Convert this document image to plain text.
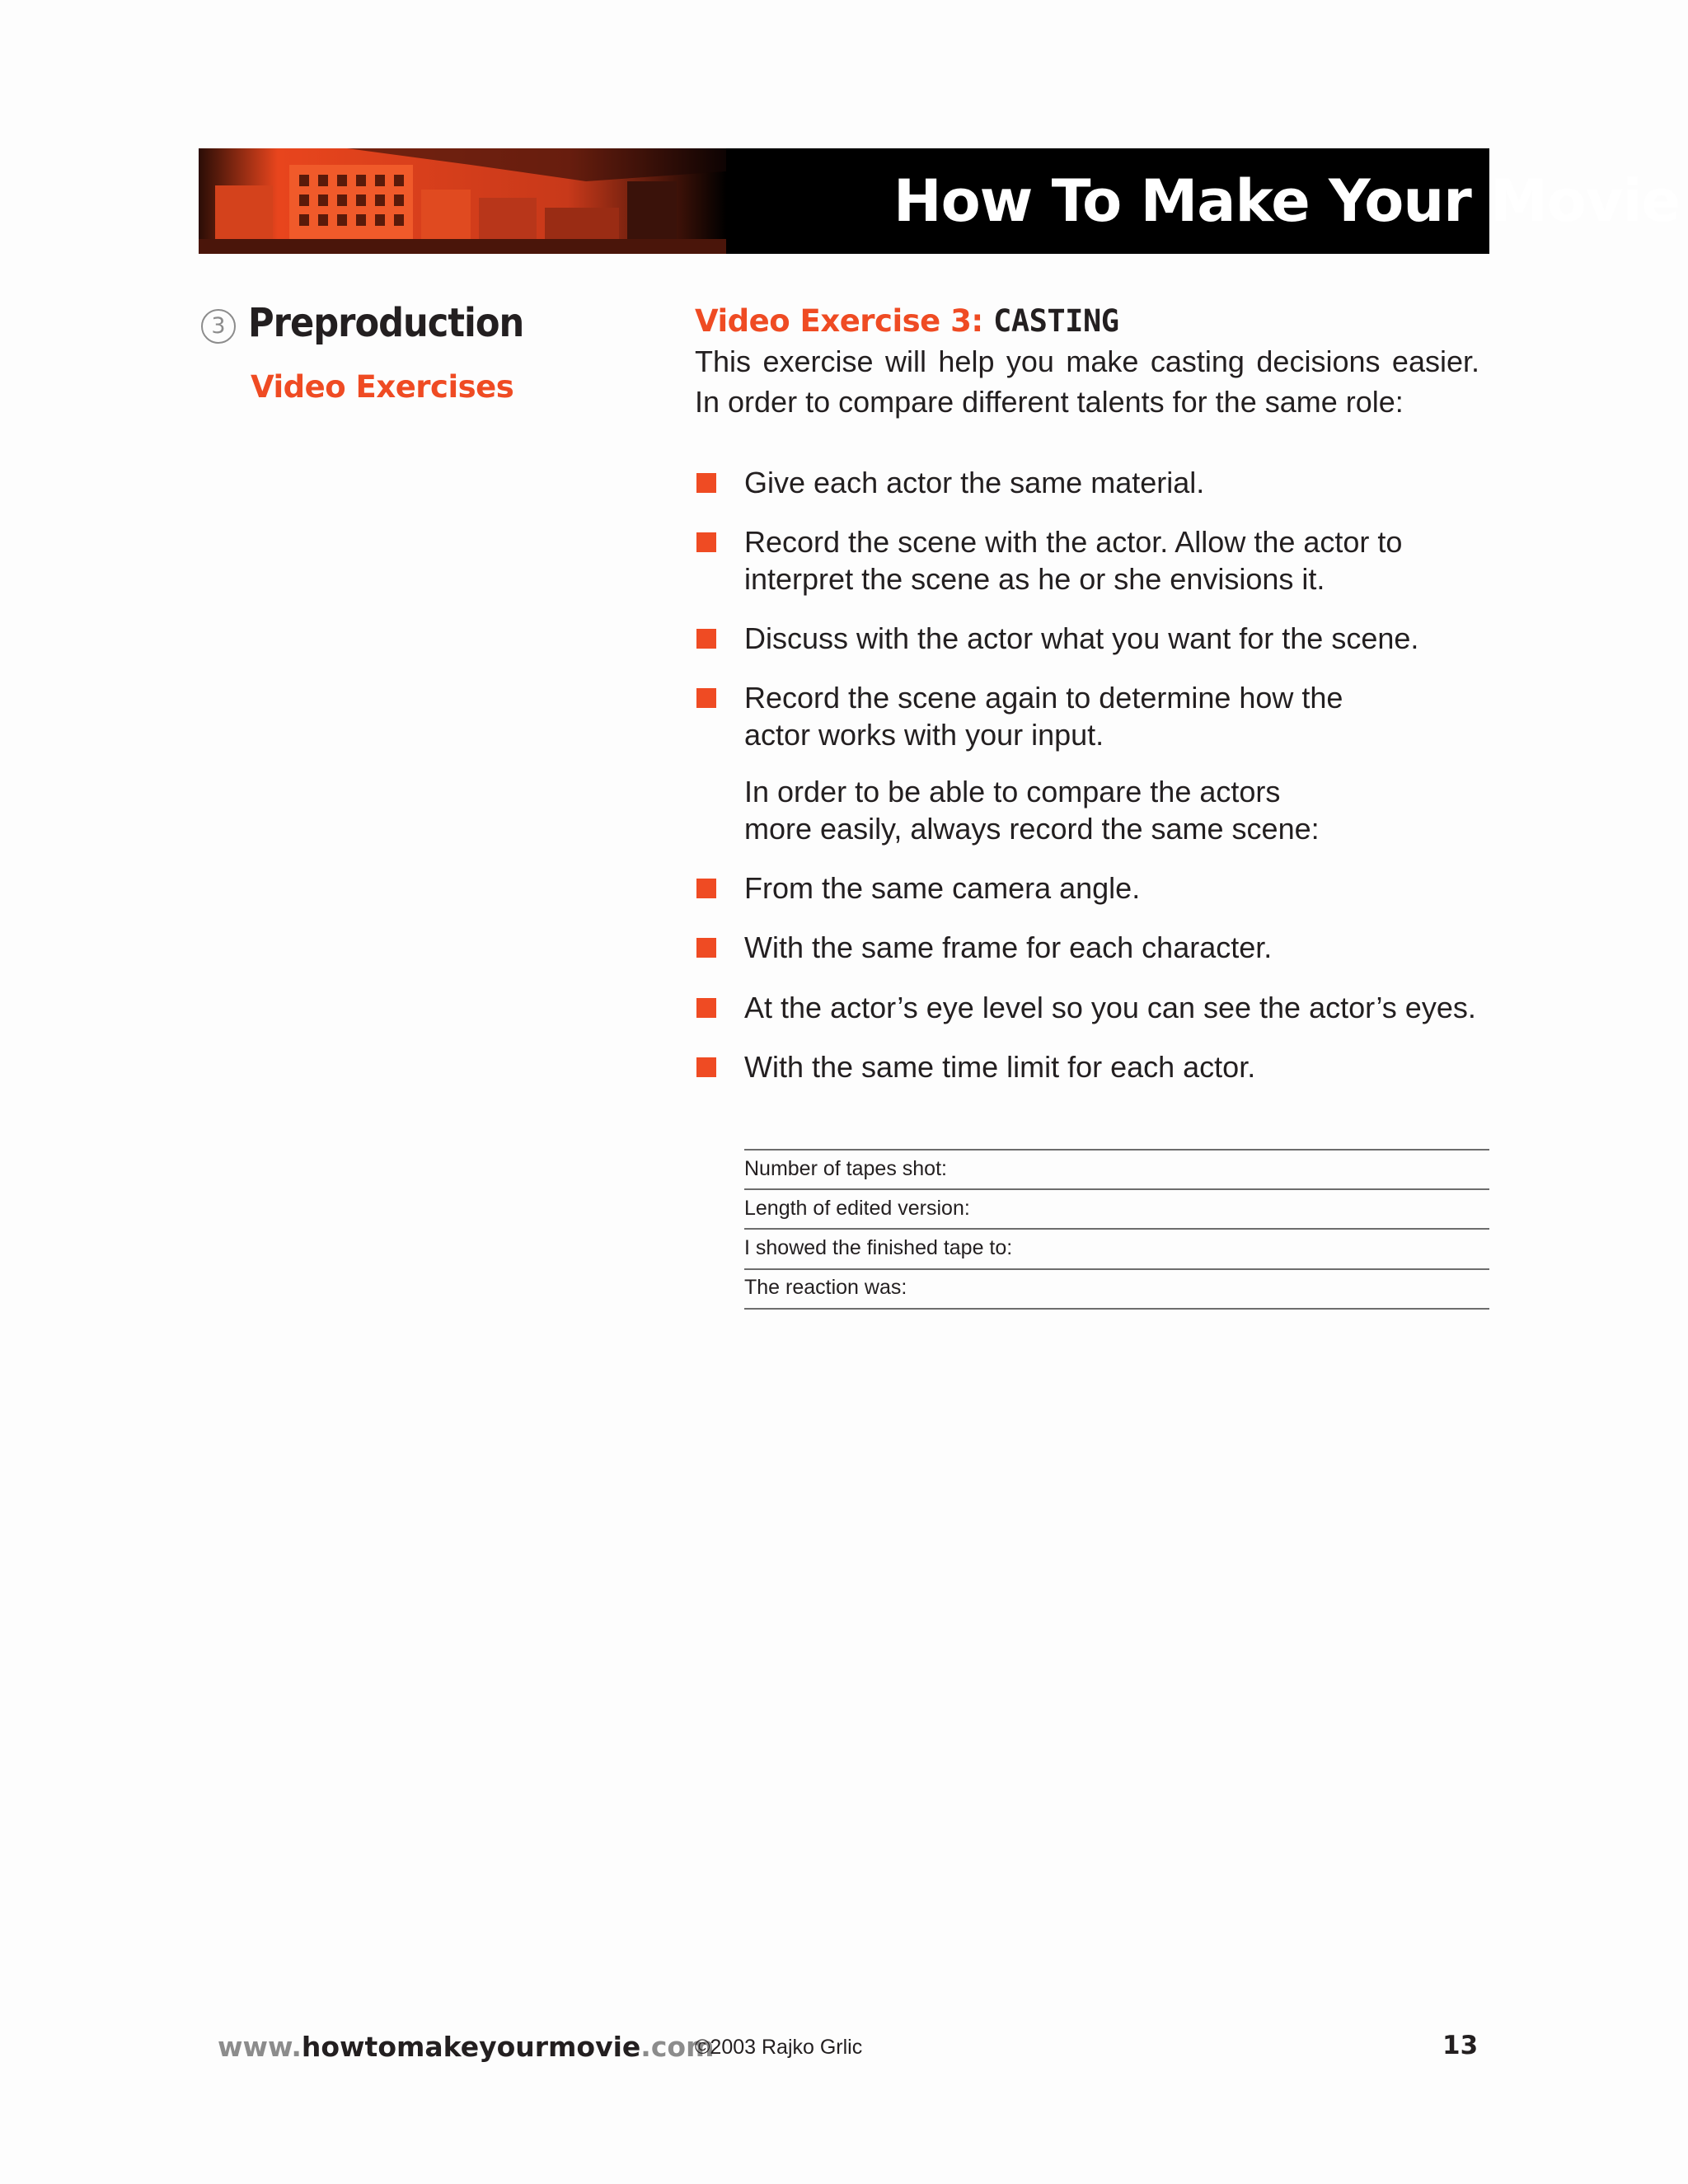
How To Make Your Movie
3 Preproduction
Video Exercises
Video Exercise 3: CASTING
This exercise will help you make casting decisions easier. In order to compare different talents for the same role:
Give each actor the same material.
Record the scene with the actor. Allow the actor to interpret the scene as he or she envisions it.
Discuss with the actor what you want for the scene.
Record the scene again to determine how the actor works with your input.
In order to be able to compare the actors more easily, always record the same scene:
From the same camera angle.
With the same frame for each character.
At the actor’s eye level so you can see the actor’s eyes.
With the same time limit for each actor.
Number of tapes shot:
Length of edited version:
I showed the finished tape to:
The reaction was:
www.howtomakeyourmovie.com
©2003 Rajko Grlic	13
